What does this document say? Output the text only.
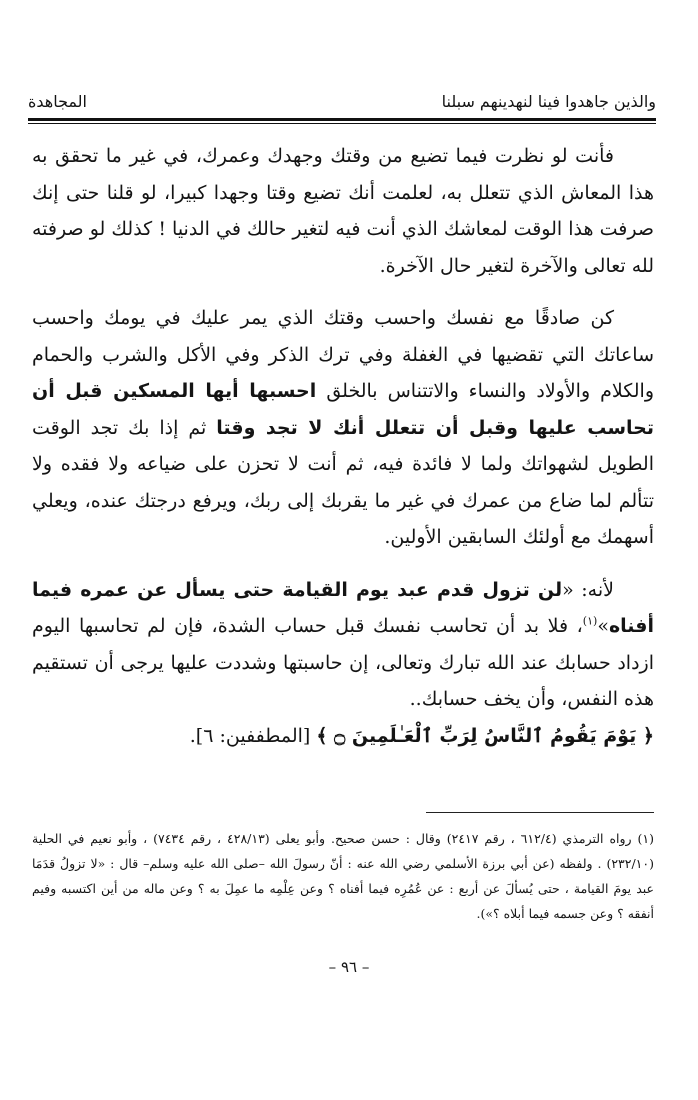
والذين جاهدوا فينا لنهدينهم سبلنا
المجاهدة

فأنت لو نظرت فيما تضيع من وقتك وجهدك وعمرك، في غير ما تحقق به هذا المعاش الذي تتعلل به، لعلمت أنك تضيع وقتا وجهدا كبيرا، لو قلنا حتى إنك صرفت هذا الوقت لمعاشك الذي أنت فيه لتغير حالك في الدنيا ! كذلك لو صرفته لله تعالى والآخرة لتغير حال الآخرة.

كن صادقًا مع نفسك واحسب وقتك الذي يمر عليك في يومك واحسب ساعاتك التي تقضيها في الغفلة وفي ترك الذكر وفي الأكل والشرب والحمام والكلام والأولاد والنساء والاتتناس بالخلق احسبها أيها المسكين قبل أن تحاسب عليها وقبل أن تتعلل أنك لا تجد وقتا ثم إذا بك تجد الوقت الطويل لشهواتك ولما لا فائدة فيه، ثم أنت لا تحزن على ضياعه ولا فقده ولا تتألم لما ضاع من عمرك في غير ما يقربك إلى ربك، ويرفع درجتك عنده، ويعلي أسهمك مع أولئك السابقين الأولين.

لأنه: «لن تزول قدم عبد يوم القيامة حتى يسأل عن عمره فيما أفناه»$^{(١)}$، فلا بد أن تحاسب نفسك قبل حساب الشدة، فإن لم تحاسبها اليوم ازداد حسابك عند الله تبارك وتعالى، إن حاسبتها وشددت عليها يرجى أن تستقيم هذه النفس، وأن يخف حسابك..
﴿ يَوْمَ يَقُومُ ٱلنَّاسُ لِرَبِّ ٱلْعَـٰلَمِينَ ۝ ﴾ [المطففين: ٦].

(١) رواه الترمذي (٦١٢/٤ ، رقم ٢٤١٧) وقال : حسن صحيح. وأبو يعلى (٤٢٨/١٣ ، رقم ٧٤٣٤) ، وأبو نعيم في الحلية (٢٣٢/١٠) . ولفظه (عن أبي برزة الأسلمي رضي الله عنه : أنّ رسولَ الله –صلى الله عليه وسلم– قال : «لا تزولُ قدَمَا عبد يومَ القيامة ، حتى يُسألَ عن أربع : عن عُمُرِه فيما أفناه ؟ وعن عِلْمِه ما عمِلَ به ؟ وعن ماله من أين اكتسبه وفيم أنفقه ؟ وعن جسمه فيما أبلاه ؟»).

– ٩٦ –
